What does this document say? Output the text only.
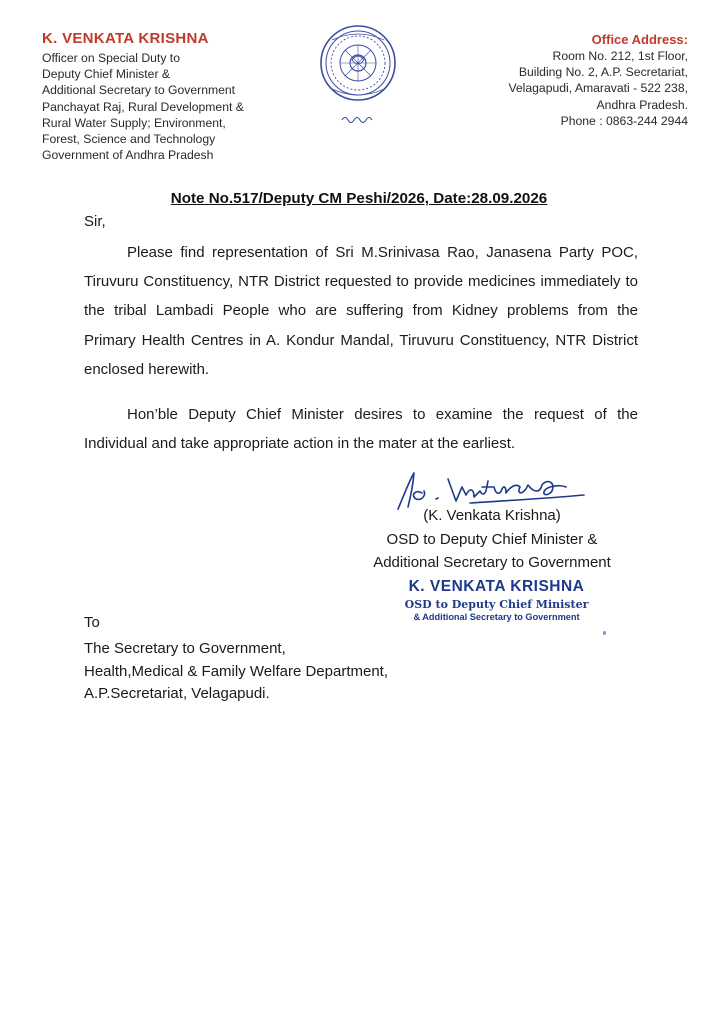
K. VENKATA KRISHNA
Officer on Special Duty to
Deputy Chief Minister &
Additional Secretary to Government
Panchayat Raj, Rural Development &
Rural Water Supply; Environment,
Forest, Science and Technology
Government of Andhra Pradesh
Office Address:
Room No. 212, 1st Floor,
Building No. 2, A.P. Secretariat,
Velagapudi, Amaravati - 522 238,
Andhra Pradesh.
Phone : 0863-244 2944
Note No.517/Deputy CM Peshi/2026, Date:28.09.2026
Sir,
Please find representation of Sri M.Srinivasa Rao, Janasena Party POC, Tiruvuru Constituency, NTR District requested to provide medicines immediately to the tribal Lambadi People who are suffering from Kidney problems from the Primary Health Centres in A. Kondur Mandal, Tiruvuru Constituency, NTR District enclosed herewith.
Hon’ble Deputy Chief Minister desires to examine the request of the Individual and take appropriate action in the mater at the earliest.
(K. Venkata Krishna)
OSD to Deputy Chief Minister &
Additional Secretary to Government
K. VENKATA KRISHNA
OSD to Deputy Chief Minister
& Additional Secretary to Government
To
The Secretary to Government,
Health,Medical & Family Welfare Department,
A.P.Secretariat, Velagapudi.
